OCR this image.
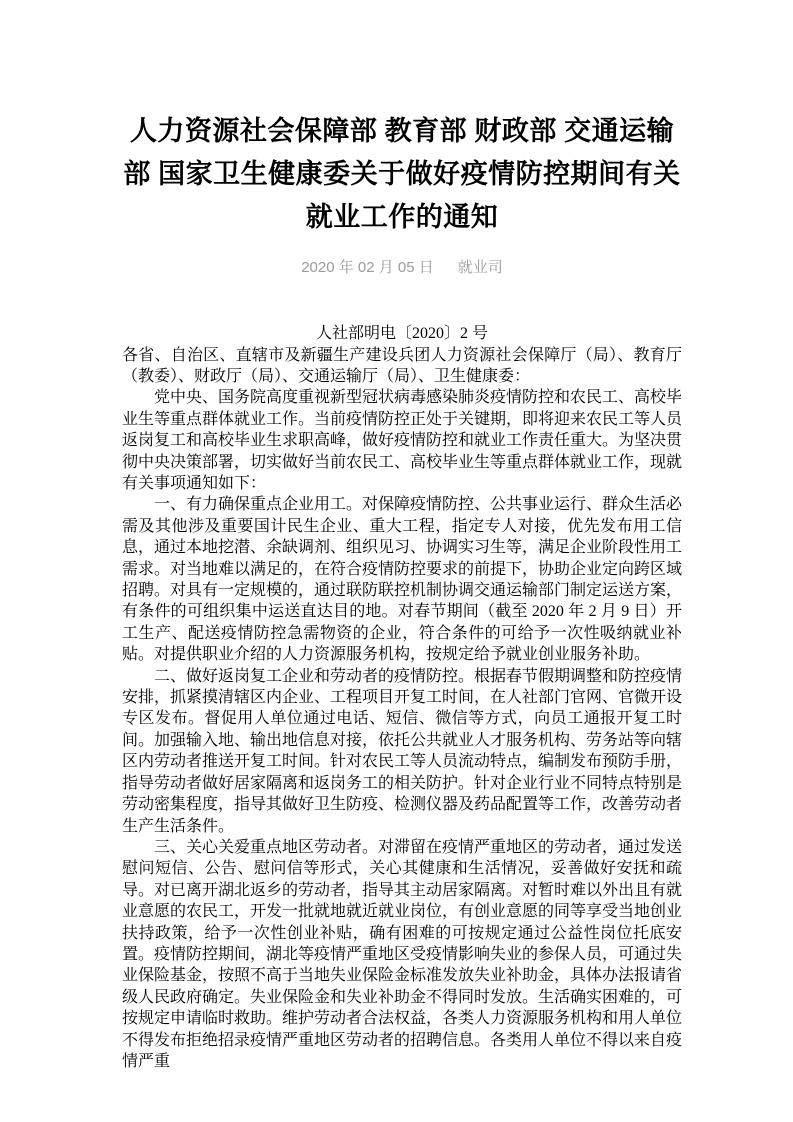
人力资源社会保障部 教育部 财政部 交通运输
部 国家卫生健康委关于做好疫情防控期间有关
就业工作的通知
2020 年 02 月 05 日 就业司
人社部明电〔2020〕2 号

各省、自治区、直辖市及新疆生产建设兵团人力资源社会保障厅（局）、教育厅（教委）、财政厅（局）、交通运输厅（局）、卫生健康委：

党中央、国务院高度重视新型冠状病毒感染肺炎疫情防控和农民工、高校毕业生等重点群体就业工作。当前疫情防控正处于关键期，即将迎来农民工等人员返岗复工和高校毕业生求职高峰，做好疫情防控和就业工作责任重大。为坚决贯彻中央决策部署，切实做好当前农民工、高校毕业生等重点群体就业工作，现就有关事项通知如下：

一、有力确保重点企业用工。对保障疫情防控、公共事业运行、群众生活必需及其他涉及重要国计民生企业、重大工程，指定专人对接，优先发布用工信息，通过本地挖潜、余缺调剂、组织见习、协调实习生等，满足企业阶段性用工需求。对当地难以满足的，在符合疫情防控要求的前提下，协助企业定向跨区域招聘。对具有一定规模的，通过联防联控机制协调交通运输部门制定运送方案，有条件的可组织集中运送直达目的地。对春节期间（截至 2020 年 2 月 9 日）开工生产、配送疫情防控急需物资的企业，符合条件的可给予一次性吸纳就业补贴。对提供职业介绍的人力资源服务机构，按规定给予就业创业服务补助。

二、做好返岗复工企业和劳动者的疫情防控。根据春节假期调整和防控疫情安排，抓紧摸清辖区内企业、工程项目开复工时间，在人社部门官网、官微开设专区发布。督促用人单位通过电话、短信、微信等方式，向员工通报开复工时间。加强输入地、输出地信息对接，依托公共就业人才服务机构、劳务站等向辖区内劳动者推送开复工时间。针对农民工等人员流动特点，编制发布预防手册，指导劳动者做好居家隔离和返岗务工的相关防护。针对企业行业不同特点特别是劳动密集程度，指导其做好卫生防疫、检测仪器及药品配置等工作，改善劳动者生产生活条件。

三、关心关爱重点地区劳动者。对滞留在疫情严重地区的劳动者，通过发送慰问短信、公告、慰问信等形式，关心其健康和生活情况，妥善做好安抚和疏导。对已离开湖北返乡的劳动者，指导其主动居家隔离。对暂时难以外出且有就业意愿的农民工，开发一批就地就近就业岗位，有创业意愿的同等享受当地创业扶持政策，给予一次性创业补贴，确有困难的可按规定通过公益性岗位托底安置。疫情防控期间，湖北等疫情严重地区受疫情影响失业的参保人员，可通过失业保险基金，按照不高于当地失业保险金标准发放失业补助金，具体办法报请省级人民政府确定。失业保险金和失业补助金不得同时发放。生活确实困难的，可按规定申请临时救助。维护劳动者合法权益，各类人力资源服务机构和用人单位不得发布拒绝招录疫情严重地区劳动者的招聘信息。各类用人单位不得以来自疫情严重
